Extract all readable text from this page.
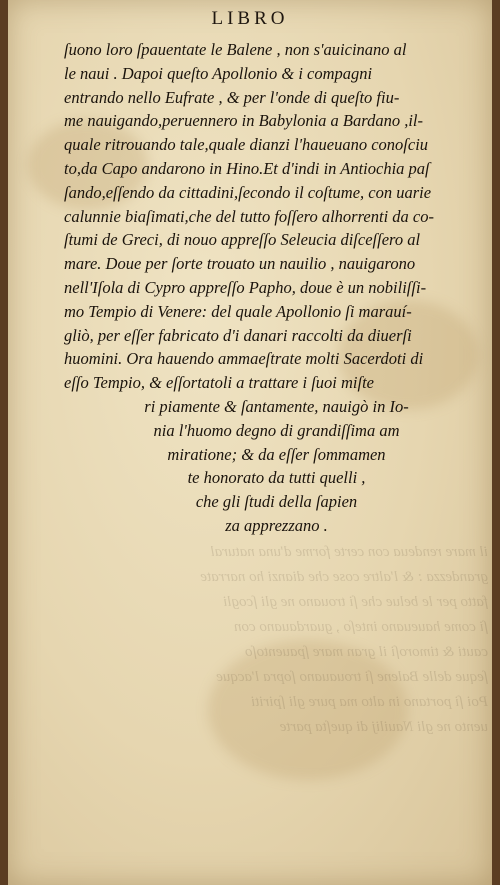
il mare rendeua con certe forme d'una natural
grandezza : & l'altre cose che dianzi ho narrate
fatto per le belue che ſi trouano ne gli ſcogli
ſi come haueuano inteſo , guardauano con
cauti & timoroſi il gran mare ſpauentoſo
ſeque delle Balene ſi trouauano ſopra l'acque
Poi ſi portano in alto ma pure gli ſpiriti
uento ne gli Nauilij di queſta parte
LIBRO
ſuono loro ſpauentate le Balene , non s'auicinano al
le naui . Dapoi queſto Apollonio & i compagni
entrando nello Eufrate , & per l'onde di queſto fiu-
me nauigando,peruennero in Babylonia a Bardano ,il-
quale ritrouando tale,quale dianzi l'haueuano conoſciu
to,da Capo andarono in Hino.Et d'indi in Antiochia paſ
ſando,eſſendo da cittadini,ſecondo il coſtume, con uarie
calunnie biaſimati,che del tutto foſſero alhorrenti da co-
ſtumi de Greci, di nouo appreſſo Seleucia diſceſſero al
mare. Doue per ſorte trouato un nauilio , nauigarono
nell'Iſola di Cypro appreſſo Papho, doue è un nobiliſſi-
mo Tempio di Venere: del quale Apollonio ſi marauí-
gliò, per eſſer fabricato d'i danari raccolti da diuerſi
huomini. Ora hauendo ammaeſtrate molti Sacerdoti di
eſſo Tempio, & eſſortatoli a trattare i ſuoi miſte
ri piamente & ſantamente, nauigò in Io-
nia l'huomo degno di grandiſſima am
miratione; & da eſſer ſommamen
te honorato da tutti quelli ,
che gli ſtudi della ſapien
za apprezzano .
